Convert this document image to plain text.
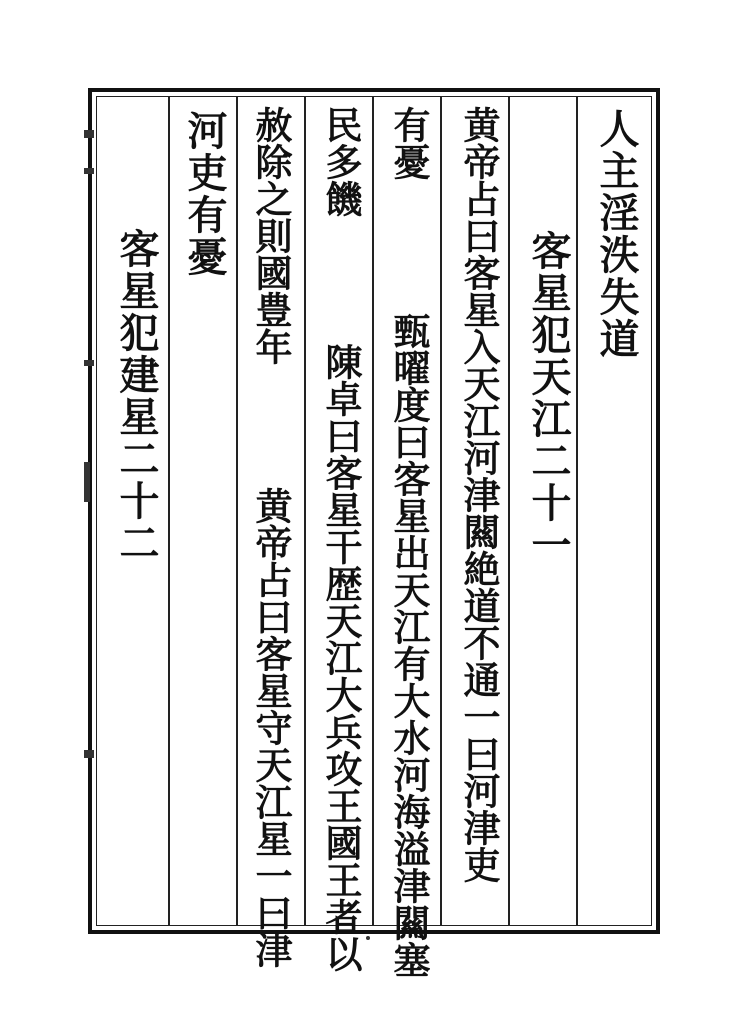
人主淫泆失道
客星犯天江二十一
黄帝占曰客星入天江河津闗絶道不通一曰河津吏
有憂  甄曜度曰客星出天江有大水河海溢津闗塞
民多饑  陳卓曰客星干歴天江大兵攻王國王者以
赦除之則國豊年  黄帝占曰客星守天江星一曰津
河吏有憂
客星犯建星二十二
